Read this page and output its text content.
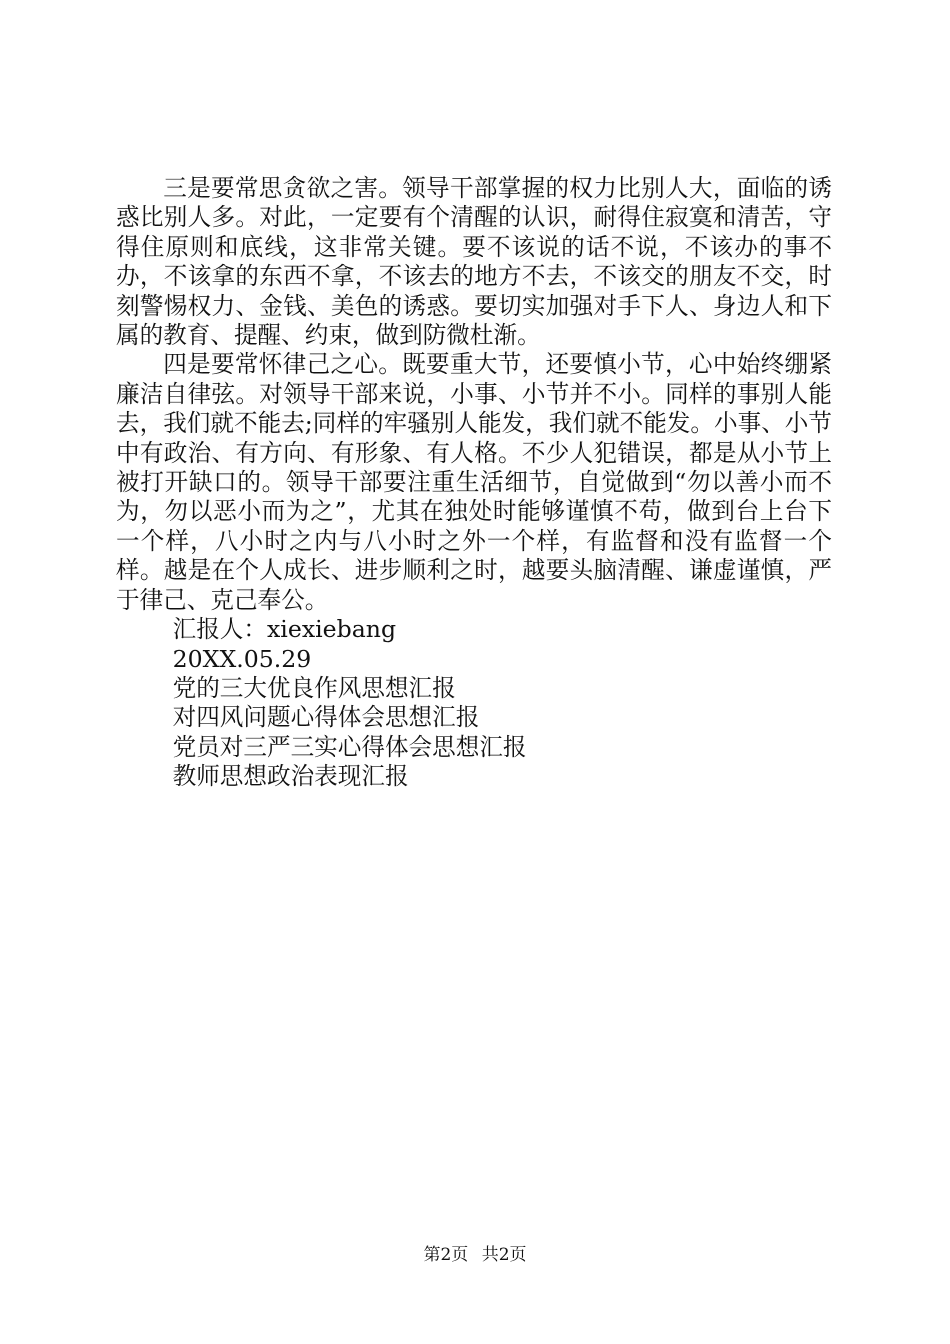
三是要常思贪欲之害。领导干部掌握的权力比别人大，面临的诱惑比别人多。对此，一定要有个清醒的认识，耐得住寂寞和清苦，守得住原则和底线，这非常关键。要不该说的话不说，不该办的事不办，不该拿的东西不拿，不该去的地方不去，不该交的朋友不交，时刻警惕权力、金钱、美色的诱惑。要切实加强对手下人、身边人和下属的教育、提醒、约束，做到防微杜渐。

四是要常怀律己之心。既要重大节，还要慎小节，心中始终绷紧廉洁自律弦。对领导干部来说，小事、小节并不小。同样的事别人能去，我们就不能去;同样的牢骚别人能发，我们就不能发。小事、小节中有政治、有方向、有形象、有人格。不少人犯错误，都是从小节上被打开缺口的。领导干部要注重生活细节，自觉做到“勿以善小而不为，勿以恶小而为之”，尤其在独处时能够谨慎不苟，做到台上台下一个样，八小时之内与八小时之外一个样，有监督和没有监督一个样。越是在个人成长、进步顺利之时，越要头脑清醒、谦虚谨慎，严于律己、克己奉公。

汇报人：xiexiebang

20XX.05.29

党的三大优良作风思想汇报

对四风问题心得体会思想汇报

党员对三严三实心得体会思想汇报

教师思想政治表现汇报

第2页 共2页
